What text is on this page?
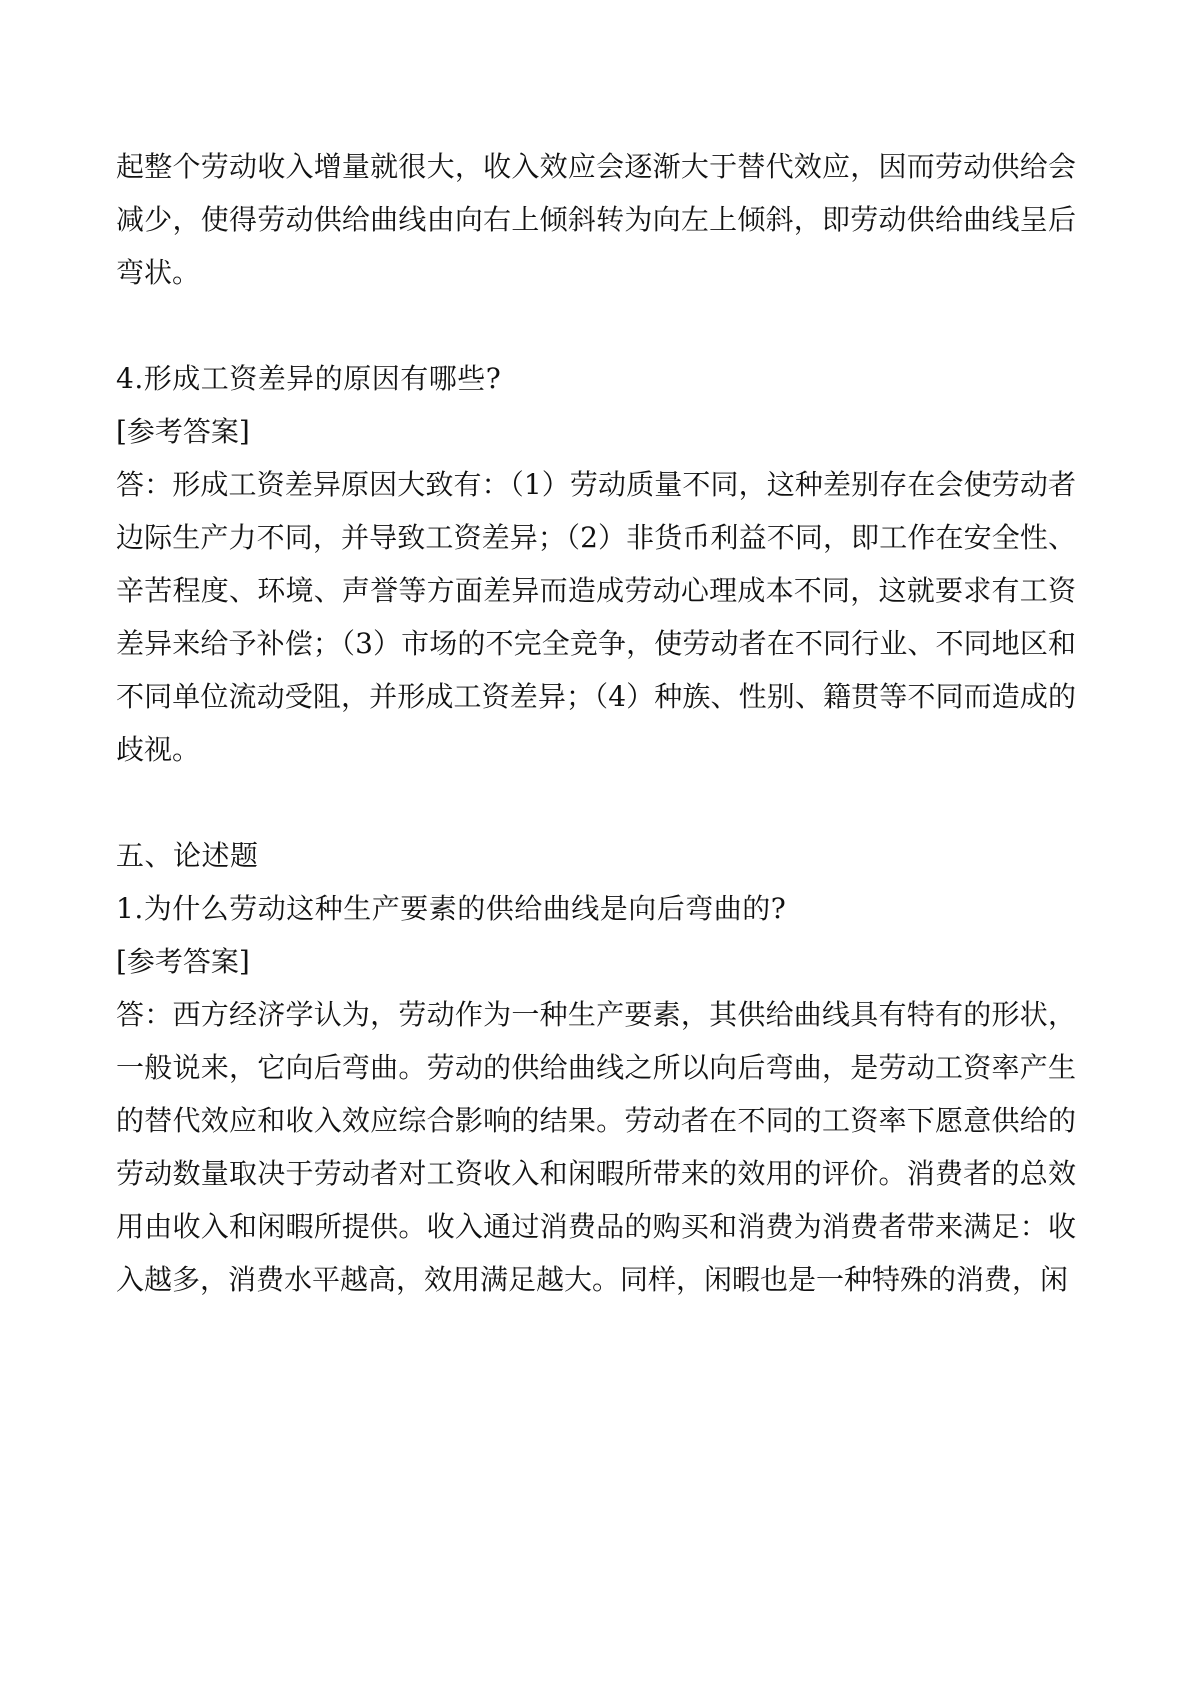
起整个劳动收入增量就很大，收入效应会逐渐大于替代效应，因而劳动供给会减少，使得劳动供给曲线由向右上倾斜转为向左上倾斜，即劳动供给曲线呈后弯状。

4.形成工资差异的原因有哪些?

[参考答案]

答：形成工资差异原因大致有：（1）劳动质量不同，这种差别存在会使劳动者边际生产力不同，并导致工资差异；（2）非货币利益不同，即工作在安全性、辛苦程度、环境、声誉等方面差异而造成劳动心理成本不同，这就要求有工资差异来给予补偿；（3）市场的不完全竞争，使劳动者在不同行业、不同地区和不同单位流动受阻，并形成工资差异；（4）种族、性别、籍贯等不同而造成的歧视。

五、论述题

1.为什么劳动这种生产要素的供给曲线是向后弯曲的?

[参考答案]

答：西方经济学认为，劳动作为一种生产要素，其供给曲线具有特有的形状，一般说来，它向后弯曲。劳动的供给曲线之所以向后弯曲，是劳动工资率产生的替代效应和收入效应综合影响的结果。劳动者在不同的工资率下愿意供给的劳动数量取决于劳动者对工资收入和闲暇所带来的效用的评价。消费者的总效用由收入和闲暇所提供。收入通过消费品的购买和消费为消费者带来满足：收入越多，消费水平越高，效用满足越大。同样，闲暇也是一种特殊的消费，闲
